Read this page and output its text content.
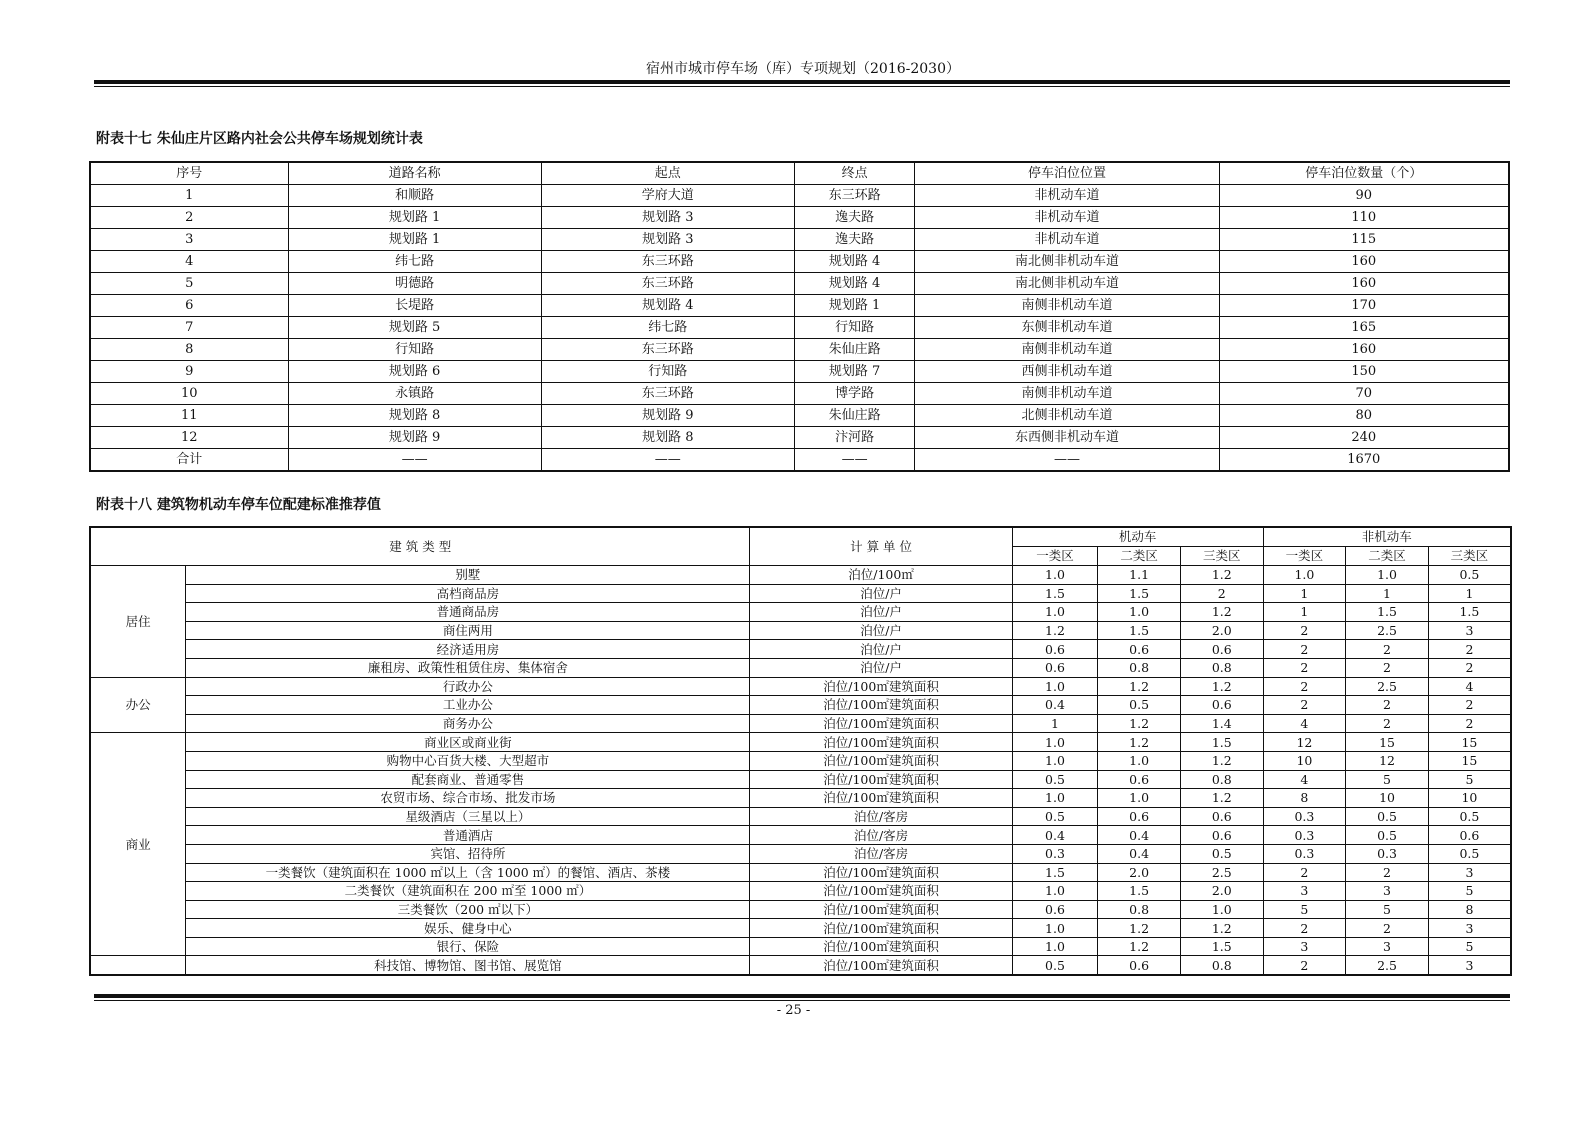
宿州市城市停车场（库）专项规划（2016-2030）
附表十七 朱仙庄片区路内社会公共停车场规划统计表
序号	道路名称	起点	终点	停车泊位位置	停车泊位数量（个）
1	和顺路	学府大道	东三环路	非机动车道	90
2	规划路 1	规划路 3	逸夫路	非机动车道	110
3	规划路 1	规划路 3	逸夫路	非机动车道	115
4	纬七路	东三环路	规划路 4	南北侧非机动车道	160
5	明德路	东三环路	规划路 4	南北侧非机动车道	160
6	长堤路	规划路 4	规划路 1	南侧非机动车道	170
7	规划路 5	纬七路	行知路	东侧非机动车道	165
8	行知路	东三环路	朱仙庄路	南侧非机动车道	160
9	规划路 6	行知路	规划路 7	西侧非机动车道	150
10	永镇路	东三环路	博学路	南侧非机动车道	70
11	规划路 8	规划路 9	朱仙庄路	北侧非机动车道	80
12	规划路 9	规划路 8	汴河路	东西侧非机动车道	240
合计	——	——	——	——	1670
附表十八 建筑物机动车停车位配建标准推荐值
建 筑 类 型		计 算 单 位	机动车			非机动车		
			一类区	二类区	三类区	一类区	二类区	三类区
居住	别墅	泊位/100㎡	1.0	1.1	1.2	1.0	1.0	0.5
	高档商品房	泊位/户	1.5	1.5	2	1	1	1
	普通商品房	泊位/户	1.0	1.0	1.2	1	1.5	1.5
	商住两用	泊位/户	1.2	1.5	2.0	2	2.5	3
	经济适用房	泊位/户	0.6	0.6	0.6	2	2	2
	廉租房、政策性租赁住房、集体宿舍	泊位/户	0.6	0.8	0.8	2	2	2
办公	行政办公	泊位/100㎡建筑面积	1.0	1.2	1.2	2	2.5	4
	工业办公	泊位/100㎡建筑面积	0.4	0.5	0.6	2	2	2
	商务办公	泊位/100㎡建筑面积	1	1.2	1.4	4	2	2
商业	商业区或商业街	泊位/100㎡建筑面积	1.0	1.2	1.5	12	15	15
	购物中心百货大楼、大型超市	泊位/100㎡建筑面积	1.0	1.0	1.2	10	12	15
	配套商业、普通零售	泊位/100㎡建筑面积	0.5	0.6	0.8	4	5	5
	农贸市场、综合市场、批发市场	泊位/100㎡建筑面积	1.0	1.0	1.2	8	10	10
	星级酒店（三星以上）	泊位/客房	0.5	0.6	0.6	0.3	0.5	0.5
	普通酒店	泊位/客房	0.4	0.4	0.6	0.3	0.5	0.6
	宾馆、招待所	泊位/客房	0.3	0.4	0.5	0.3	0.3	0.5
	一类餐饮（建筑面积在 1000 ㎡以上（含 1000 ㎡）的餐馆、酒店、茶楼	泊位/100㎡建筑面积	1.5	2.0	2.5	2	2	3
	二类餐饮（建筑面积在 200 ㎡至 1000 ㎡）	泊位/100㎡建筑面积	1.0	1.5	2.0	3	3	5
	三类餐饮（200 ㎡以下）	泊位/100㎡建筑面积	0.6	0.8	1.0	5	5	8
	娱乐、健身中心	泊位/100㎡建筑面积	1.0	1.2	1.2	2	2	3
	银行、保险	泊位/100㎡建筑面积	1.0	1.2	1.5	3	3	5
	科技馆、博物馆、图书馆、展览馆	泊位/100㎡建筑面积	0.5	0.6	0.8	2	2.5	3
- 25 -
